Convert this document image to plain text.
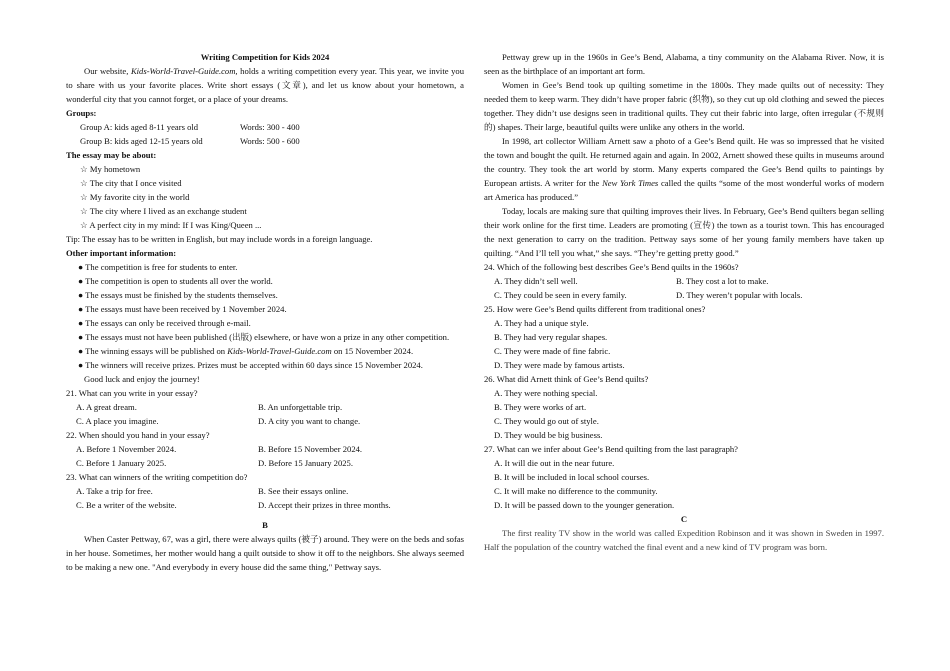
Writing Competition for Kids 2024

Our website, Kids-World-Travel-Guide.com, holds a writing competition every year. This year, we invite you to share with us your favorite places. Write short essays (文章), and let us know about your hometown, a wonderful city that you cannot forget, or a place of your dreams.

Groups:

Group A: kids aged 8-11 years old	Words: 300 - 400
Group B: kids aged 12-15 years old	Words: 500 - 600

The essay may be about:

☆ My hometown

☆ The city that I once visited

☆ My favorite city in the world

☆ The city where I lived as an exchange student

☆ A perfect city in my mind: If I was King/Queen ...

Tip: The essay has to be written in English, but may include words in a foreign language.

Other important information:

● The competition is free for students to enter.

● The competition is open to students all over the world.

● The essays must be finished by the students themselves.

● The essays must have been received by 1 November 2024.

● The essays can only be received through e-mail.

● The essays must not have been published (出版) elsewhere, or have won a prize in any other competition.

● The winning essays will be published on Kids-World-Travel-Guide.com on 15 November 2024.

● The winners will receive prizes. Prizes must be accepted within 60 days since 15 November 2024.

Good luck and enjoy the journey!

21. What can you write in your essay?

A. A great dream.	B. An unforgettable trip.
C. A place you imagine.	D. A city you want to change.

22. When should you hand in your essay?

A. Before 1 November 2024.	B. Before 15 November 2024.
C. Before 1 January 2025.	D. Before 15 January 2025.

23. What can winners of the writing competition do?

A. Take a trip for free.	B. See their essays online.
C. Be a writer of the website.	D. Accept their prizes in three months.

B

When Caster Pettway, 67, was a girl, there were always quilts (被子) around. They were on the beds and sofas in her house. Sometimes, her mother would hang a quilt outside to show it off to the neighbors. She always seemed to be making a new one. "And everybody in every house did the same thing," Pettway says.

Pettway grew up in the 1960s in Gee’s Bend, Alabama, a tiny community on the Alabama River. Now, it is seen as the birthplace of an important art form.

Women in Gee’s Bend took up quilting sometime in the 1800s. They made quilts out of necessity: They needed them to keep warm. They didn’t have proper fabric (织物), so they cut up old clothing and sewed the pieces together. They didn’t use designs seen in traditional quilts. They cut their fabric into large, often irregular (不规则的) shapes. Their large, beautiful quilts were unlike any others in the world.

In 1998, art collector William Arnett saw a photo of a Gee’s Bend quilt. He was so impressed that he visited the town and bought the quilt. He returned again and again. In 2002, Arnett showed these quilts in museums around the country. They took the art world by storm. Many experts compared the Gee’s Bend quilts to paintings by European artists. A writer for the New York Times called the quilts “some of the most wonderful works of modern art America has produced.”

Today, locals are making sure that quilting improves their lives. In February, Gee’s Bend quilters began selling their work online for the first time. Leaders are promoting (宣传) the town as a tourist town. This has encouraged the next generation to carry on the tradition. Pettway says some of her young family members have taken up quilting. “And I’ll tell you what,” she says. “They’re getting pretty good.”

24. Which of the following best describes Gee’s Bend quilts in the 1960s?

A. They didn’t sell well.	B. They cost a lot to make.
C. They could be seen in every family.	D. They weren’t popular with locals.

25. How were Gee’s Bend quilts different from traditional ones?

A. They had a unique style.
B. They had very regular shapes.
C. They were made of fine fabric.
D. They were made by famous artists.

26. What did Arnett think of Gee’s Bend quilts?

A. They were nothing special.
B. They were works of art.
C. They would go out of style.
D. They would be big business.

27. What can we infer about Gee’s Bend quilting from the last paragraph?

A. It will die out in the near future.
B. It will be included in local school courses.
C. It will make no difference to the community.
D. It will be passed down to the younger generation.

C

The first reality TV show in the world was called Expedition Robinson and it was shown in Sweden in 1997. Half the population of the country watched the final event and a new kind of TV program was born.
